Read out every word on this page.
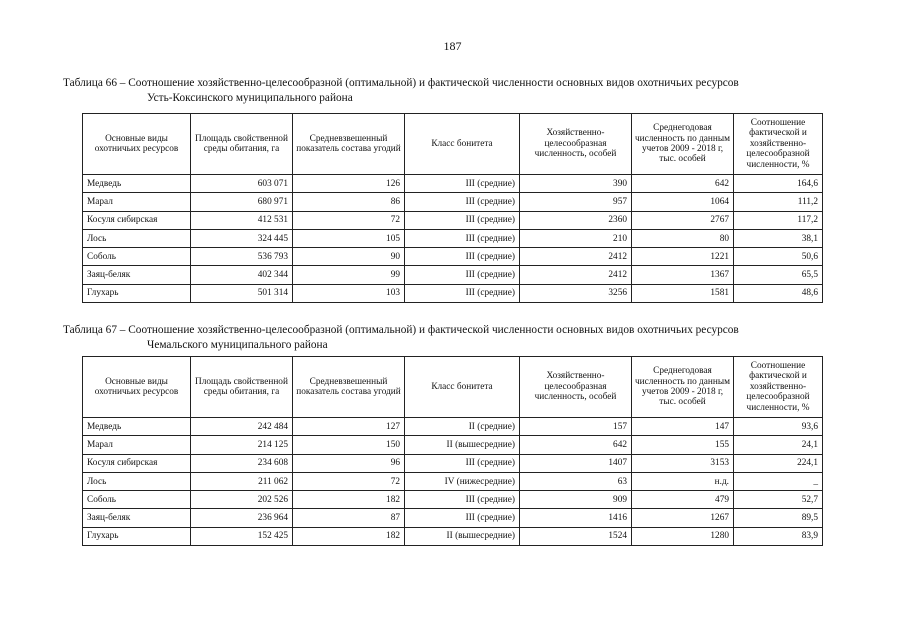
187
Таблица 66 – Соотношение хозяйственно-целесообразной (оптимальной) и фактической численности основных видов охотничьих ресурсов
Усть-Коксинского муниципального района
Основные виды охотничьих ресурсов	Площадь свойственной среды обитания, га	Средневзвешенный показатель состава угодий	Класс бонитета	Хозяйственно-целесообразная численность, особей	Среднегодовая численность по данным учетов 2009 - 2018 г, тыс. особей	Соотношение фактической и хозяйственно-целесообразной численности, %
Медведь	603 071	126	III (средние)	390	642	164,6
Марал	680 971	86	III (средние)	957	1064	111,2
Косуля сибирская	412 531	72	III (средние)	2360	2767	117,2
Лось	324 445	105	III (средние)	210	80	38,1
Соболь	536 793	90	III (средние)	2412	1221	50,6
Заяц-беляк	402 344	99	III (средние)	2412	1367	65,5
Глухарь	501 314	103	III (средние)	3256	1581	48,6
Таблица 67 – Соотношение хозяйственно-целесообразной (оптимальной) и фактической численности основных видов охотничьих ресурсов
Чемальского муниципального района
Основные виды охотничьих ресурсов	Площадь свойственной среды обитания, га	Средневзвешенный показатель состава угодий	Класс бонитета	Хозяйственно-целесообразная численность, особей	Среднегодовая численность по данным учетов 2009 - 2018 г, тыс. особей	Соотношение фактической и хозяйственно-целесообразной численности, %
Медведь	242 484	127	II (средние)	157	147	93,6
Марал	214 125	150	II (вышесредние)	642	155	24,1
Косуля сибирская	234 608	96	III (средние)	1407	3153	224,1
Лось	211 062	72	IV (нижесредние)	63	н.д.	_
Соболь	202 526	182	III (средние)	909	479	52,7
Заяц-беляк	236 964	87	III (средние)	1416	1267	89,5
Глухарь	152 425	182	II (вышесредние)	1524	1280	83,9
